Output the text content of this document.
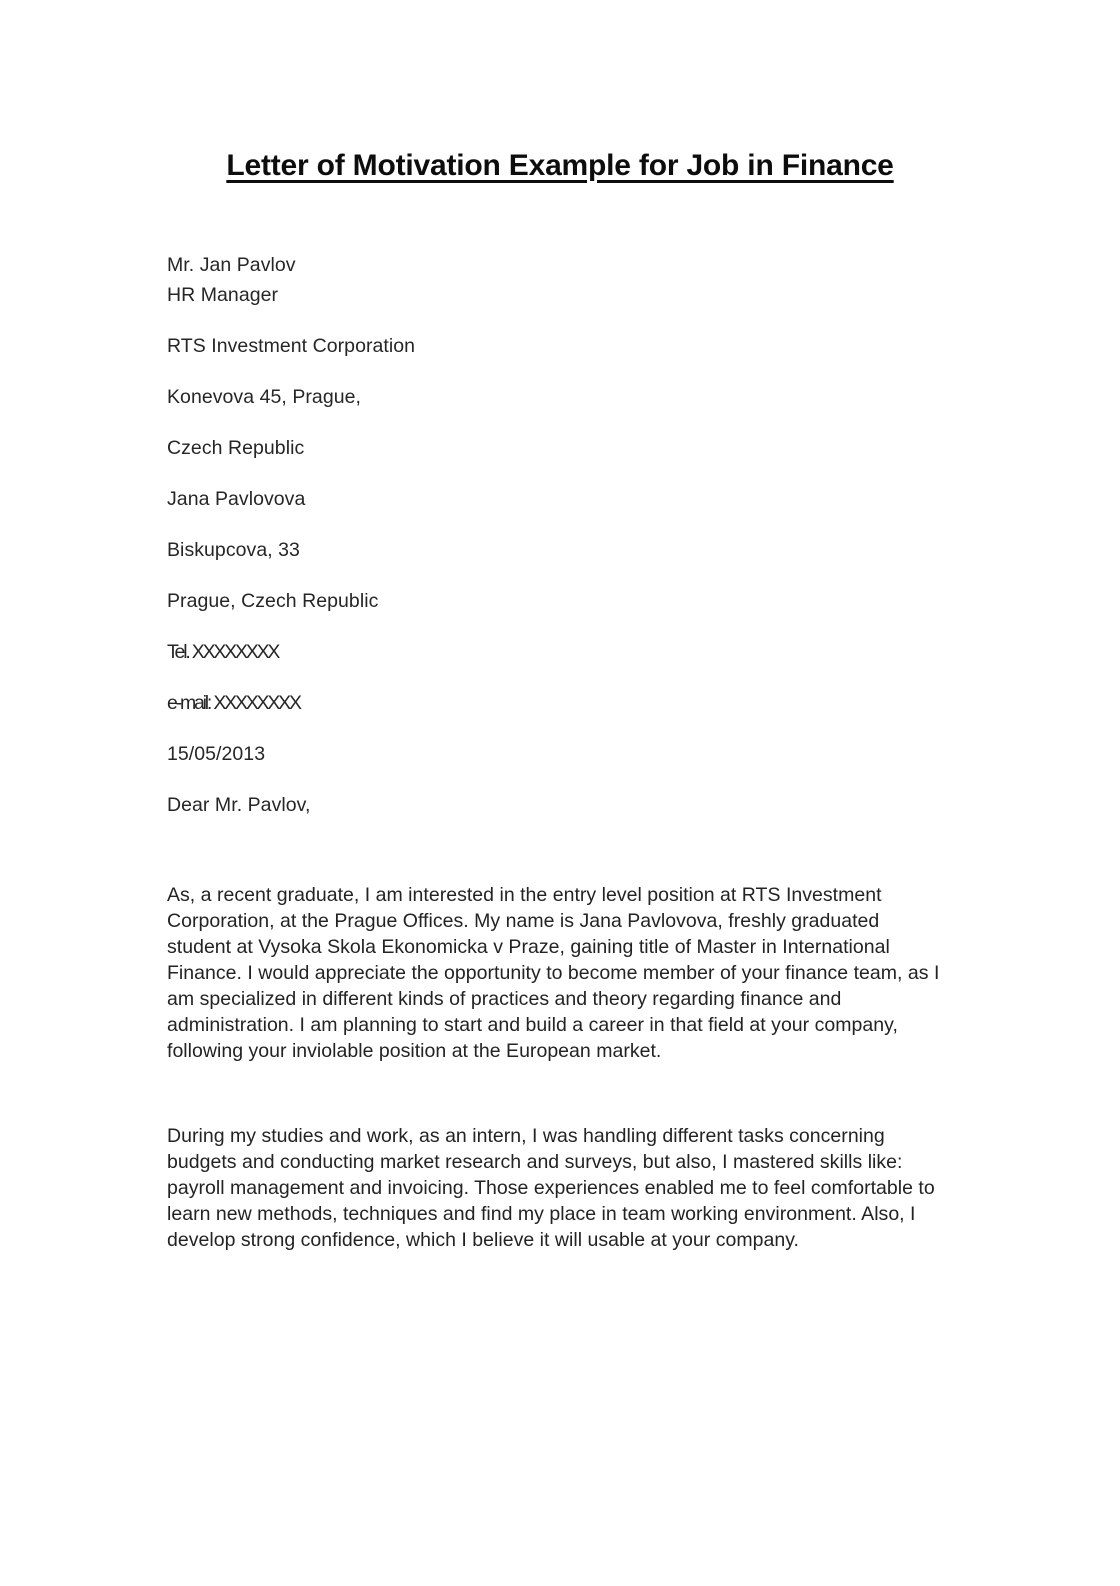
Letter of Motivation Example for Job in Finance
Mr. Jan Pavlov
HR Manager
RTS Investment Corporation
Konevova 45, Prague,
Czech Republic
Jana Pavlovova
Biskupcova, 33
Prague, Czech Republic
Tel. XXXXXXXX
e-mail: XXXXXXXX
15/05/2013
Dear Mr. Pavlov,

As, a recent graduate, I am interested in the entry level position at RTS Investment Corporation, at the Prague Offices. My name is Jana Pavlovova, freshly graduated student at Vysoka Skola Ekonomicka v Praze, gaining title of Master in International Finance. I would appreciate the opportunity to become member of your finance team, as I am specialized in different kinds of practices and theory regarding finance and administration. I am planning to start and build a career in that field at your company, following your inviolable position at the European market.

During my studies and work, as an intern, I was handling different tasks concerning budgets and conducting market research and surveys, but also, I mastered skills like: payroll management and invoicing. Those experiences enabled me to feel comfortable to learn new methods, techniques and find my place in team working environment. Also, I develop strong confidence, which I believe it will usable at your company.
